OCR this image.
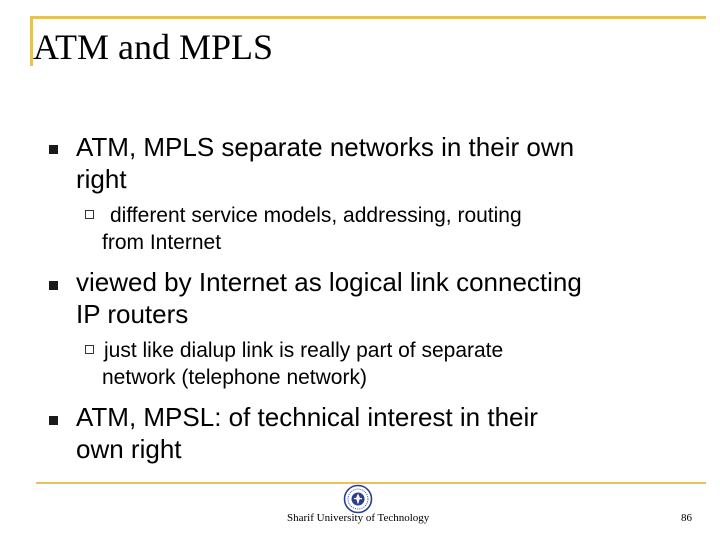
ATM and MPLS
ATM, MPLS separate networks in their own
right
different service models, addressing, routing
from Internet
viewed by Internet as logical link connecting
IP routers
just like dialup link is really part of separate
network (telephone network)
ATM, MPSL: of technical interest in their
own right
Sharif University of Technology	86
